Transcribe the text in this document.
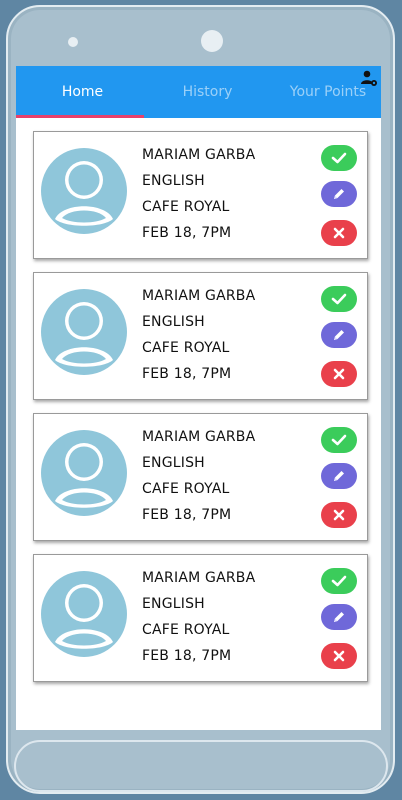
Home	History	Your Points
MARIAM GARBA
ENGLISH
CAFE ROYAL
FEB 18, 7PM
MARIAM GARBA
ENGLISH
CAFE ROYAL
FEB 18, 7PM
MARIAM GARBA
ENGLISH
CAFE ROYAL
FEB 18, 7PM
MARIAM GARBA
ENGLISH
CAFE ROYAL
FEB 18, 7PM
